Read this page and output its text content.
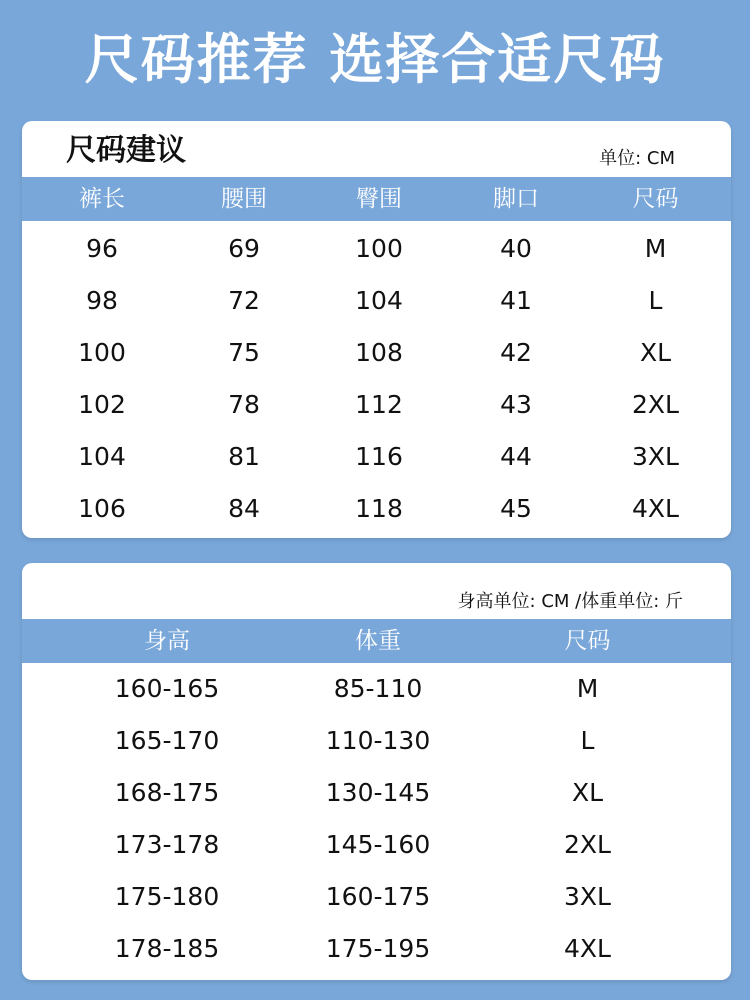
尺码推荐 选择合适尺码
尺码建议	单位: CM
裤长	腰围	臀围	脚口	尺码
96	69	100	40	M
98	72	104	41	L
100	75	108	42	XL
102	78	112	43	2XL
104	81	116	44	3XL
106	84	118	45	4XL
身高单位: CM /体重单位: 斤
身高	体重	尺码
160-165	85-110	M
165-170	110-130	L
168-175	130-145	XL
173-178	145-160	2XL
175-180	160-175	3XL
178-185	175-195	4XL
